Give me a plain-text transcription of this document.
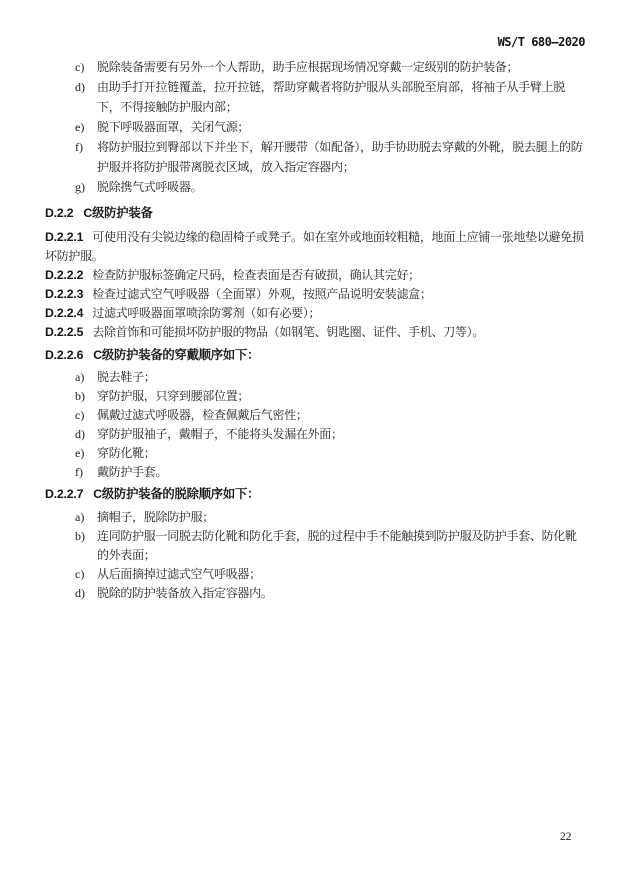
WS/T 680—2020
c)	脱除装备需要有另外一个人帮助，助手应根据现场情况穿戴一定级别的防护装备；
d)	由助手打开拉链覆盖，拉开拉链，帮助穿戴者将防护服从头部脱至肩部，将袖子从手臂上脱下，不得接触防护服内部；
e)	脱下呼吸器面罩，关闭气源；
f)	将防护服拉到臀部以下并坐下，解开腰带（如配备），助手协助脱去穿戴的外靴，脱去腿上的防护服并将防护服带离脱衣区域，放入指定容器内；
g)	脱除携气式呼吸器。

D.2.2 C级防护装备

D.2.2.1 可使用没有尖锐边缘的稳固椅子或凳子。如在室外或地面较粗糙，地面上应铺一张地垫以避免损坏防护服。

D.2.2.2 检查防护服标签确定尺码，检查表面是否有破损，确认其完好；

D.2.2.3 检查过滤式空气呼吸器（全面罩）外观，按照产品说明安装滤盒；

D.2.2.4 过滤式呼吸器面罩喷涂防雾剂（如有必要）；

D.2.2.5 去除首饰和可能损坏防护服的物品（如钢笔、钥匙圈、证件、手机、刀等）。

D.2.2.6 C级防护装备的穿戴顺序如下：

a)	脱去鞋子；
b)	穿防护服，只穿到腰部位置；
c)	佩戴过滤式呼吸器，检查佩戴后气密性；
d)	穿防护服袖子，戴帽子，不能将头发漏在外面；
e)	穿防化靴；
f)	戴防护手套。

D.2.2.7 C级防护装备的脱除顺序如下：

a)	摘帽子，脱除防护服；
b)	连同防护服一同脱去防化靴和防化手套，脱的过程中手不能触摸到防护服及防护手套、防化靴的外表面；
c)	从后面摘掉过滤式空气呼吸器；
d)	脱除的防护装备放入指定容器内。
22
